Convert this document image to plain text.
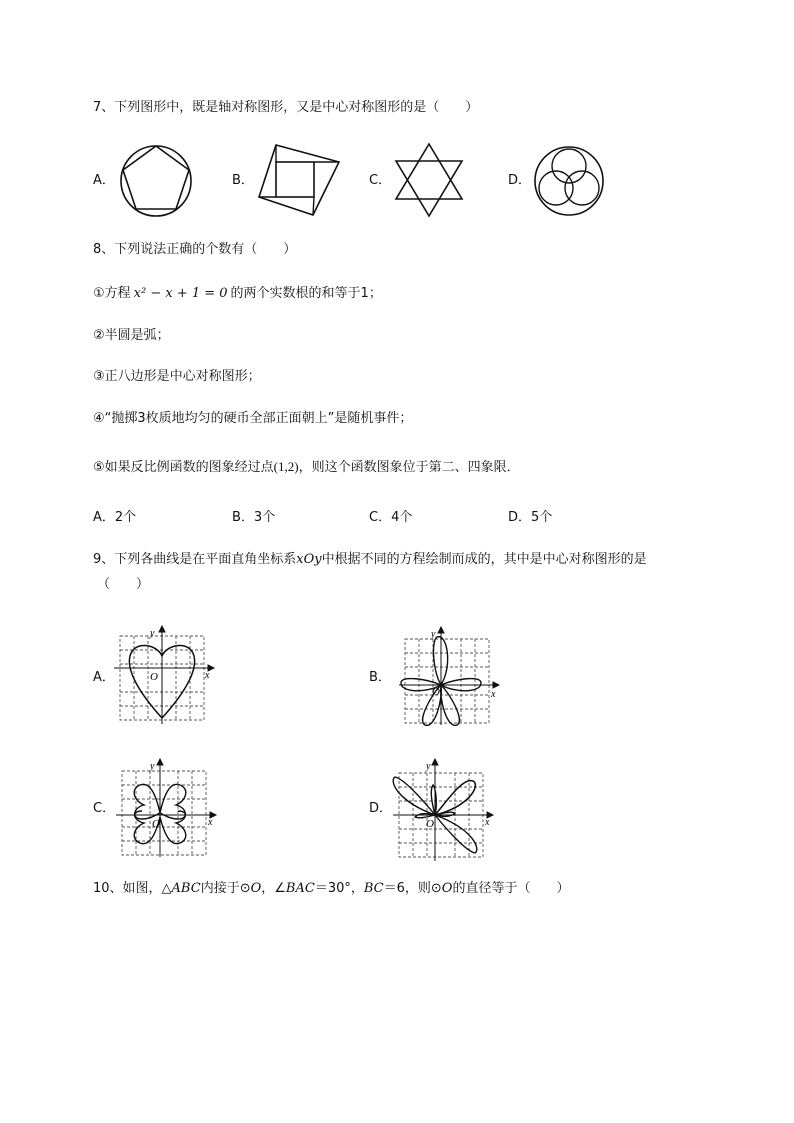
7、下列图形中，既是轴对称图形，又是中心对称图形的是（　　）
A．	B．	C．	D．
8、下列说法正确的个数有（　　）
①方程 x² − x + 1 = 0 的两个实数根的和等于1；
②半圆是弧；
③正八边形是中心对称图形；
④“抛掷3枚质地均匀的硬币全部正面朝上”是随机事件；
⑤如果反比例函数的图象经过点(1,2)，则这个函数图象位于第二、四象限．
A．2个	B．3个	C．4个	D．5个
9、下列各曲线是在平面直角坐标系xOy中根据不同的方程绘制而成的，其中是中心对称图形的是
（　　）
A．	B．
C．	D．
x
y
O
x
y
O
x
y
O	x
y
O
10、如图，△ABC内接于⊙O，∠BAC＝30°，BC＝6，则⊙O的直径等于（　　）
